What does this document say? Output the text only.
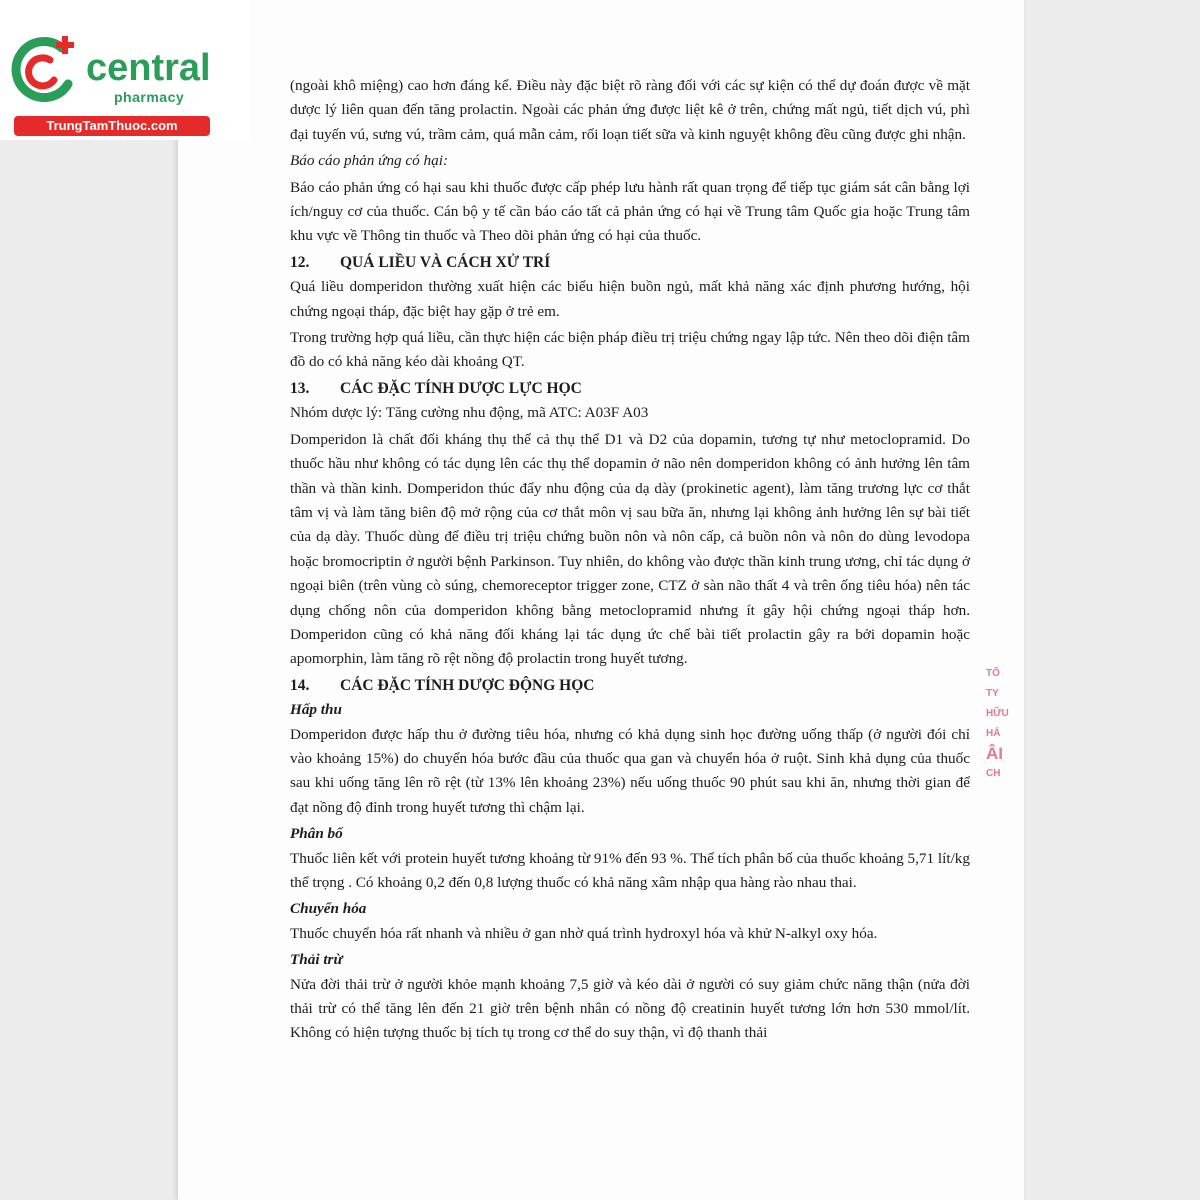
central
pharmacy
TrungTamThuoc.com

(ngoài khô miệng) cao hơn đáng kể. Điều này đặc biệt rõ ràng đối với các sự kiện có thể dự đoán được về mặt dược lý liên quan đến tăng prolactin. Ngoài các phản ứng được liệt kê ở trên, chứng mất ngủ, tiết dịch vú, phì đại tuyến vú, sưng vú, trầm cảm, quá mẫn cảm, rối loạn tiết sữa và kinh nguyệt không đều cũng được ghi nhận.

Báo cáo phản ứng có hại:

Báo cáo phản ứng có hại sau khi thuốc được cấp phép lưu hành rất quan trọng để tiếp tục giám sát cân bằng lợi ích/nguy cơ của thuốc. Cán bộ y tế cần báo cáo tất cả phản ứng có hại về Trung tâm Quốc gia hoặc Trung tâm khu vực về Thông tin thuốc và Theo dõi phản ứng có hại của thuốc.

12.	QUÁ LIỀU VÀ CÁCH XỬ TRÍ

Quá liều domperidon thường xuất hiện các biểu hiện buồn ngủ, mất khả năng xác định phương hướng, hội chứng ngoại tháp, đặc biệt hay gặp ở trẻ em.

Trong trường hợp quá liều, cần thực hiện các biện pháp điều trị triệu chứng ngay lập tức. Nên theo dõi điện tâm đồ do có khả năng kéo dài khoảng QT.

13.	CÁC ĐẶC TÍNH DƯỢC LỰC HỌC

Nhóm dược lý: Tăng cường nhu động, mã ATC: A03F A03

Domperidon là chất đối kháng thụ thể cả thụ thể D1 và D2 của dopamin, tương tự như metoclopramid. Do thuốc hầu như không có tác dụng lên các thụ thể dopamin ở não nên domperidon không có ảnh hưởng lên tâm thần và thần kinh. Domperidon thúc đẩy nhu động của dạ dày (prokinetic agent), làm tăng trương lực cơ thắt tâm vị và làm tăng biên độ mở rộng của cơ thắt môn vị sau bữa ăn, nhưng lại không ảnh hưởng lên sự bài tiết của dạ dày. Thuốc dùng để điều trị triệu chứng buồn nôn và nôn cấp, cả buồn nôn và nôn do dùng levodopa hoặc bromocriptin ở người bệnh Parkinson. Tuy nhiên, do không vào được thần kinh trung ương, chỉ tác dụng ở ngoại biên (trên vùng cò súng, chemoreceptor trigger zone, CTZ ở sàn não thất 4 và trên ống tiêu hóa) nên tác dụng chống nôn của domperidon không bằng metoclopramid nhưng ít gây hội chứng ngoại tháp hơn. Domperidon cũng có khả năng đối kháng lại tác dụng ức chế bài tiết prolactin gây ra bởi dopamin hoặc apomorphin, làm tăng rõ rệt nồng độ prolactin trong huyết tương.

14.	CÁC ĐẶC TÍNH DƯỢC ĐỘNG HỌC

Hấp thu

Domperidon được hấp thu ở đường tiêu hóa, nhưng có khả dụng sinh học đường uống thấp (ở người đói chỉ vào khoảng 15%) do chuyển hóa bước đầu của thuốc qua gan và chuyển hóa ở ruột. Sinh khả dụng của thuốc sau khi uống tăng lên rõ rệt (từ 13% lên khoảng 23%) nếu uống thuốc 90 phút sau khi ăn, nhưng thời gian để đạt nồng độ đỉnh trong huyết tương thì chậm lại.

Phân bố

Thuốc liên kết với protein huyết tương khoảng từ 91% đến 93 %. Thể tích phân bố của thuốc khoảng 5,71 lít/kg thể trọng . Có khoảng 0,2 đến 0,8 lượng thuốc có khả năng xâm nhập qua hàng rào nhau thai.

Chuyển hóa

Thuốc chuyển hóa rất nhanh và nhiều ở gan nhờ quá trình hydroxyl hóa và khử N-alkyl oxy hóa.

Thải trừ

Nửa đời thải trừ ở người khỏe mạnh khoảng 7,5 giờ và kéo dài ở người có suy giảm chức năng thận (nửa đời thải trừ có thể tăng lên đến 21 giờ trên bệnh nhân có nồng độ creatinin huyết tương lớn hơn 530 mmol/lít. Không có hiện tượng thuốc bị tích tụ trong cơ thể do suy thận, vì độ thanh thải

TỔ
TY
HỮU
HẨ
ÂI
CH
